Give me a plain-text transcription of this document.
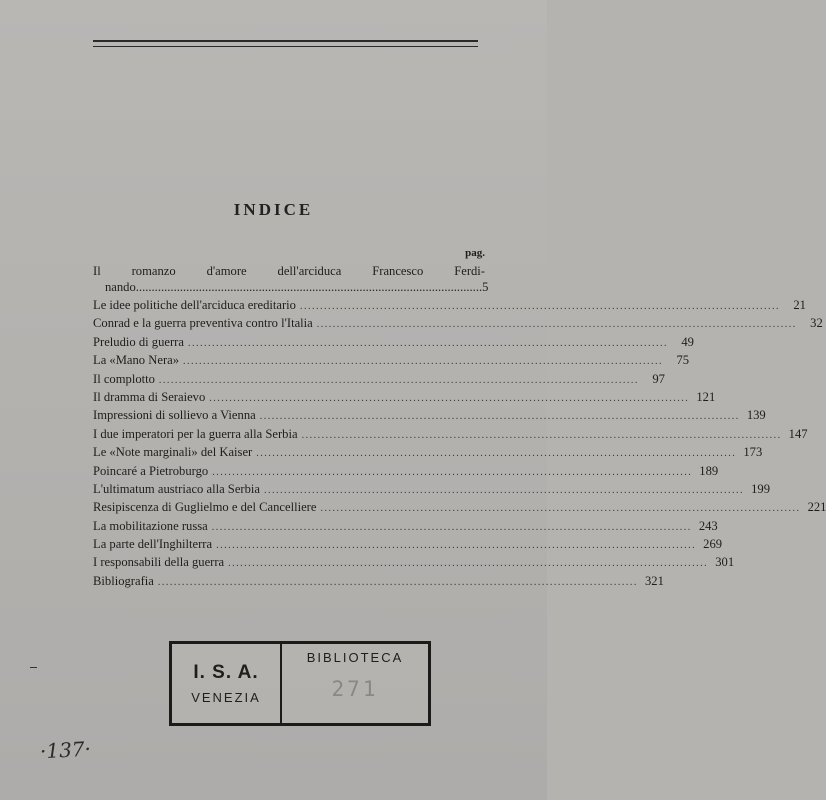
INDICE
pag.
Il romanzo d'amore dell'arciduca Francesco Ferdi-
nando .............................................................................................................. 5
Le idee politiche dell'arciduca ereditario ........................................................................................................................	21
Conrad e la guerra preventiva contro l'Italia ........................................................................................................................	32
Preludio di guerra ........................................................................................................................	49
La «Mano Nera» ........................................................................................................................	75
Il complotto ........................................................................................................................	97
Il dramma di Seraievo ........................................................................................................................ 121
Impressioni di sollievo a Vienna ........................................................................................................................ 139
I due imperatori per la guerra alla Serbia ........................................................................................................................ 147
Le «Note marginali» del Kaiser ........................................................................................................................ 173
Poincaré a Pietroburgo ........................................................................................................................ 189
L'ultimatum austriaco alla Serbia ........................................................................................................................ 199
Resipiscenza di Guglielmo e del Cancelliere ........................................................................................................................ 221
La mobilitazione russa ........................................................................................................................ 243
La parte dell'Inghilterra ........................................................................................................................ 269
I responsabili della guerra ........................................................................................................................ 301
Bibliografia ........................................................................................................................ 321
I. S. A.
VENEZIA
BIBLIOTECA
271
·137·
